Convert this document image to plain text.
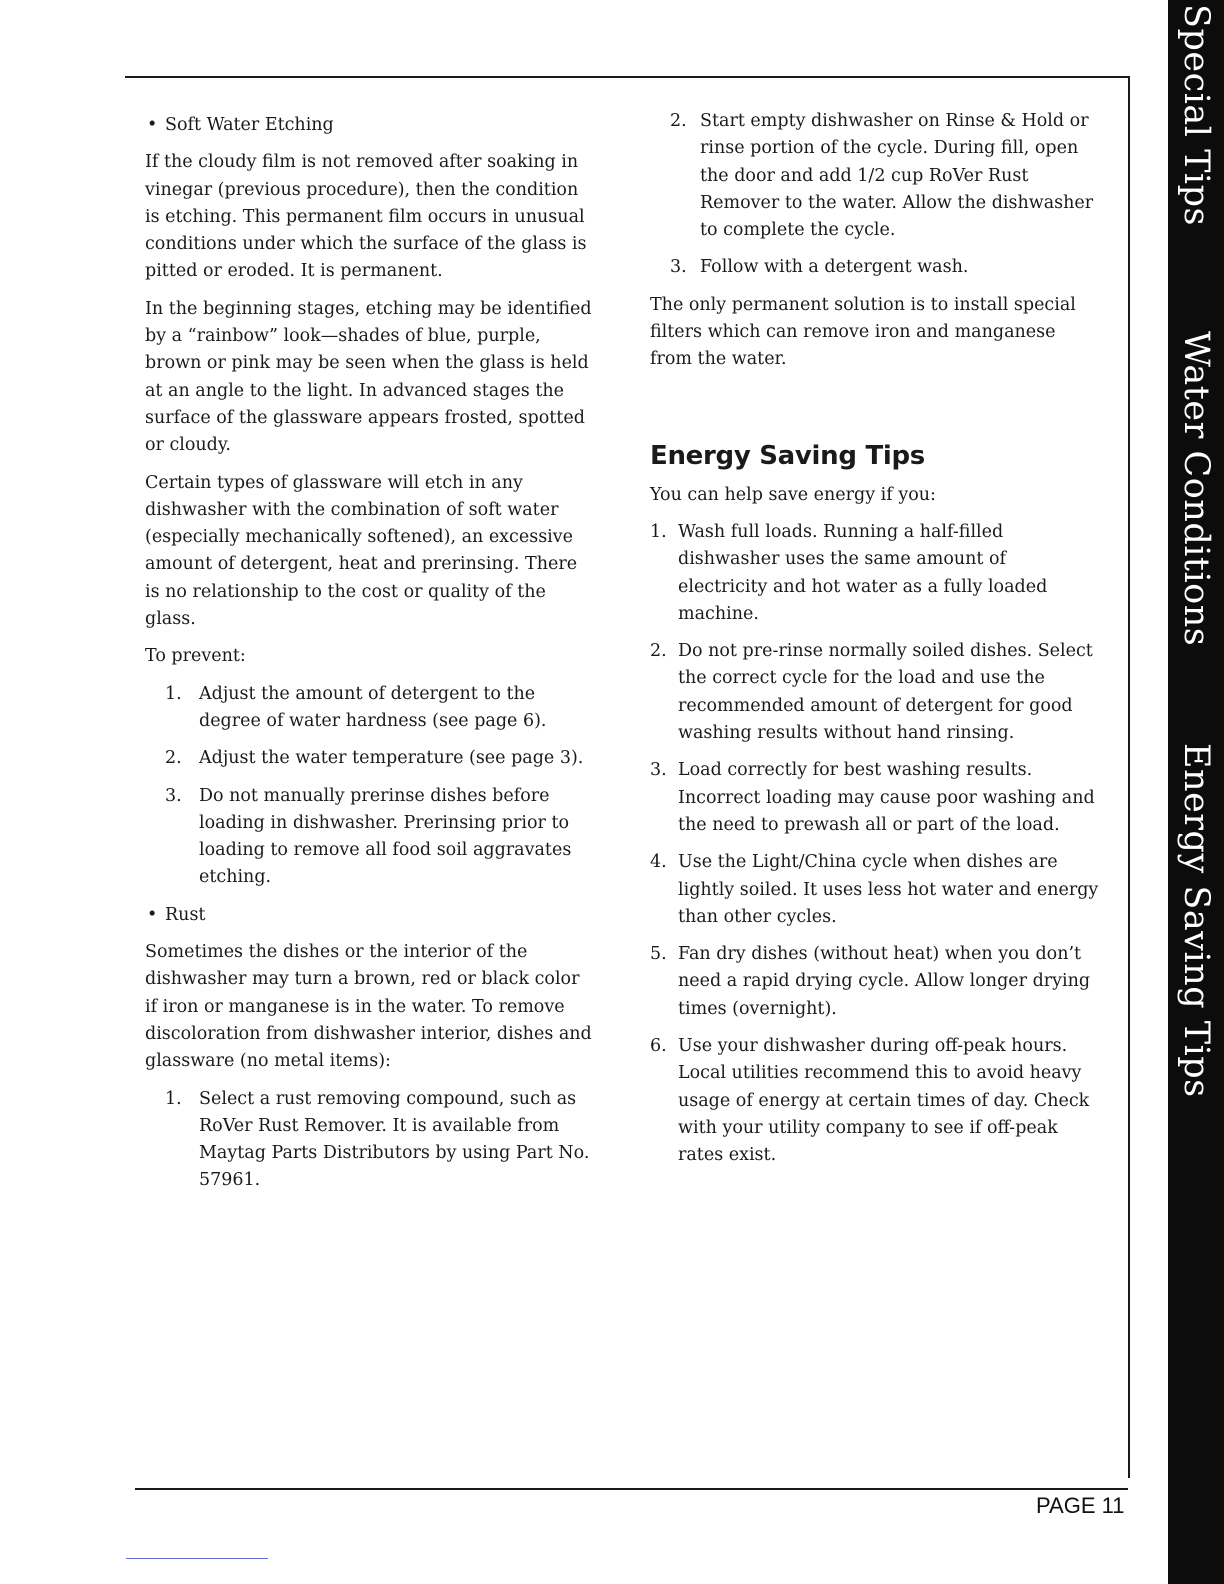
Special Tips
Water Conditions
Energy Saving Tips
• Soft Water Etching

If the cloudy film is not removed after soaking in vinegar (previous procedure), then the condition is etching. This permanent film occurs in unusual conditions under which the surface of the glass is pitted or eroded. It is permanent.

In the beginning stages, etching may be identified by a “rainbow” look—shades of blue, purple, brown or pink may be seen when the glass is held at an angle to the light. In advanced stages the surface of the glassware appears frosted, spotted or cloudy.

Certain types of glassware will etch in any dishwasher with the combination of soft water (especially mechanically softened), an excessive amount of detergent, heat and prerinsing. There is no relationship to the cost or quality of the glass.

To prevent:

1. Adjust the amount of detergent to the degree of water hardness (see page 6).
2. Adjust the water temperature (see page 3).
3. Do not manually prerinse dishes before loading in dishwasher. Prerinsing prior to loading to remove all food soil aggravates etching.
• Rust

Sometimes the dishes or the interior of the dishwasher may turn a brown, red or black color if iron or manganese is in the water. To remove discoloration from dishwasher interior, dishes and glassware (no metal items):

1. Select a rust removing compound, such as RoVer Rust Remover. It is available from Maytag Parts Distributors by using Part No. 57961.
2. Start empty dishwasher on Rinse & Hold or rinse portion of the cycle. During fill, open the door and add 1/2 cup RoVer Rust Remover to the water. Allow the dishwasher to complete the cycle.
3. Follow with a detergent wash.

The only permanent solution is to install special filters which can remove iron and manganese from the water.

Energy Saving Tips

You can help save energy if you:

1. Wash full loads. Running a half-filled dishwasher uses the same amount of electricity and hot water as a fully loaded machine.
2. Do not pre-rinse normally soiled dishes. Select the correct cycle for the load and use the recommended amount of detergent for good washing results without hand rinsing.
3. Load correctly for best washing results. Incorrect loading may cause poor washing and the need to prewash all or part of the load.
4. Use the Light/China cycle when dishes are lightly soiled. It uses less hot water and energy than other cycles.
5. Fan dry dishes (without heat) when you don’t need a rapid drying cycle. Allow longer drying times (overnight).
6. Use your dishwasher during off-peak hours. Local utilities recommend this to avoid heavy usage of energy at certain times of day. Check with your utility company to see if off-peak rates exist.
PAGE 11
